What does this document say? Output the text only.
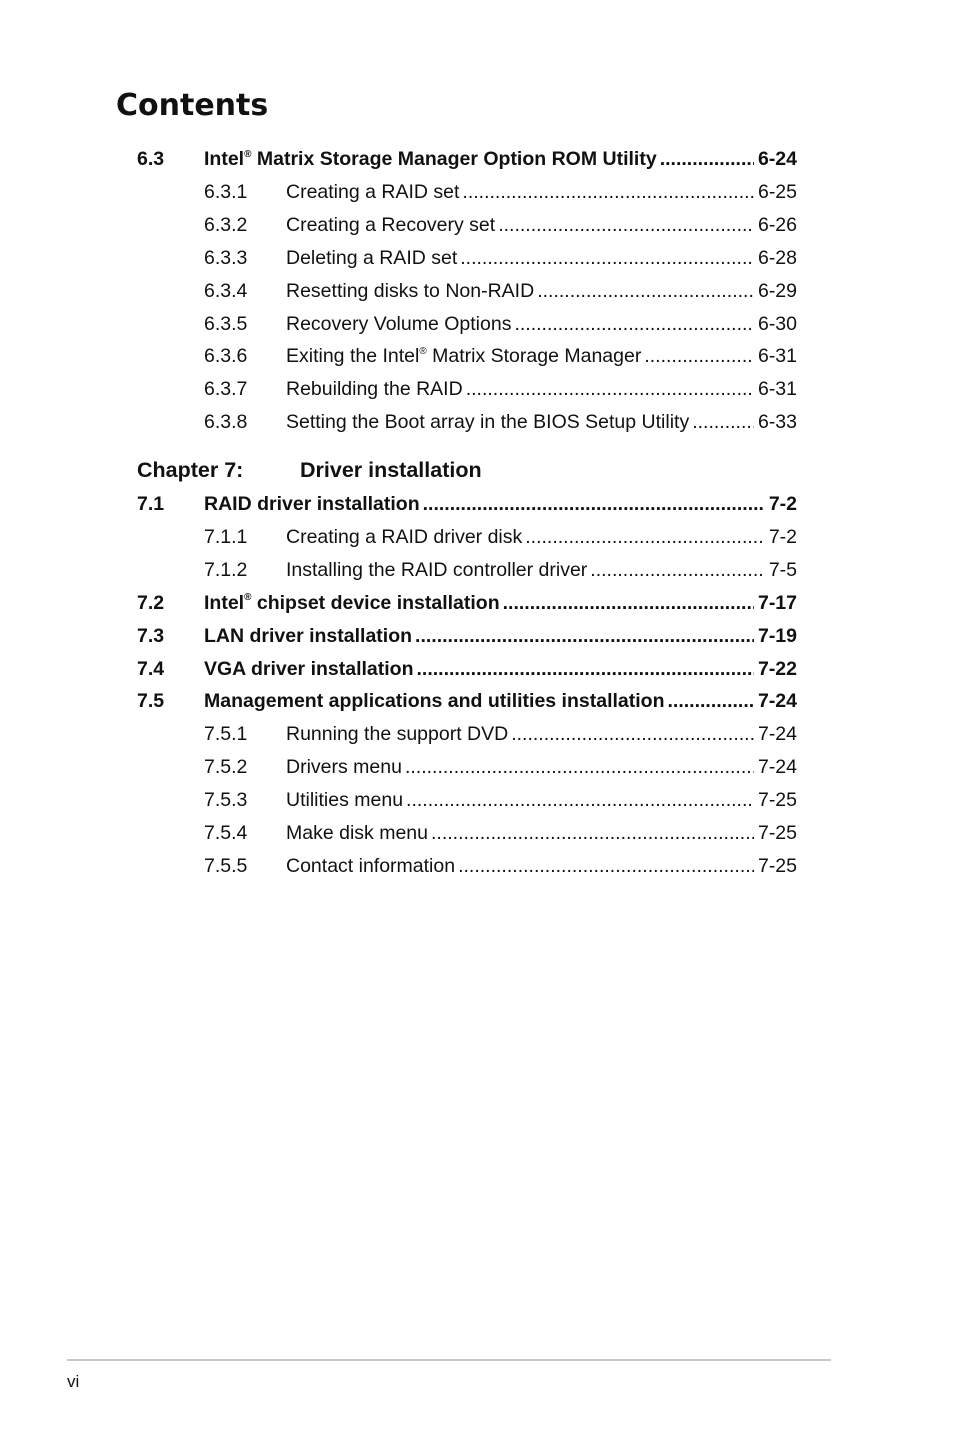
Contents
6.3 Intel® Matrix Storage Manager Option ROM Utility .....	6-24
6.3.1 Creating a RAID set .....	6-25
6.3.2 Creating a Recovery set .....	6-26
6.3.3 Deleting a RAID set .....	6-28
6.3.4 Resetting disks to Non-RAID .....	6-29
6.3.5 Recovery Volume Options .....	6-30
6.3.6 Exiting the Intel® Matrix Storage Manager .....	6-31
6.3.7 Rebuilding the RAID .....	6-31
6.3.8 Setting the Boot array in the BIOS Setup Utility .....	6-33
Chapter 7:	Driver installation
7.1 RAID driver installation .....	7-2
7.1.1 Creating a RAID driver disk .....	7-2
7.1.2 Installing the RAID controller driver .....	7-5
7.2 Intel® chipset device installation .....	7-17
7.3 LAN driver installation .....	7-19
7.4 VGA driver installation .....	7-22
7.5 Management applications and utilities installation .....	7-24
7.5.1 Running the support DVD .....	7-24
7.5.2 Drivers menu .....	7-24
7.5.3 Utilities menu .....	7-25
7.5.4 Make disk menu .....	7-25
7.5.5 Contact information .....	7-25
vi
